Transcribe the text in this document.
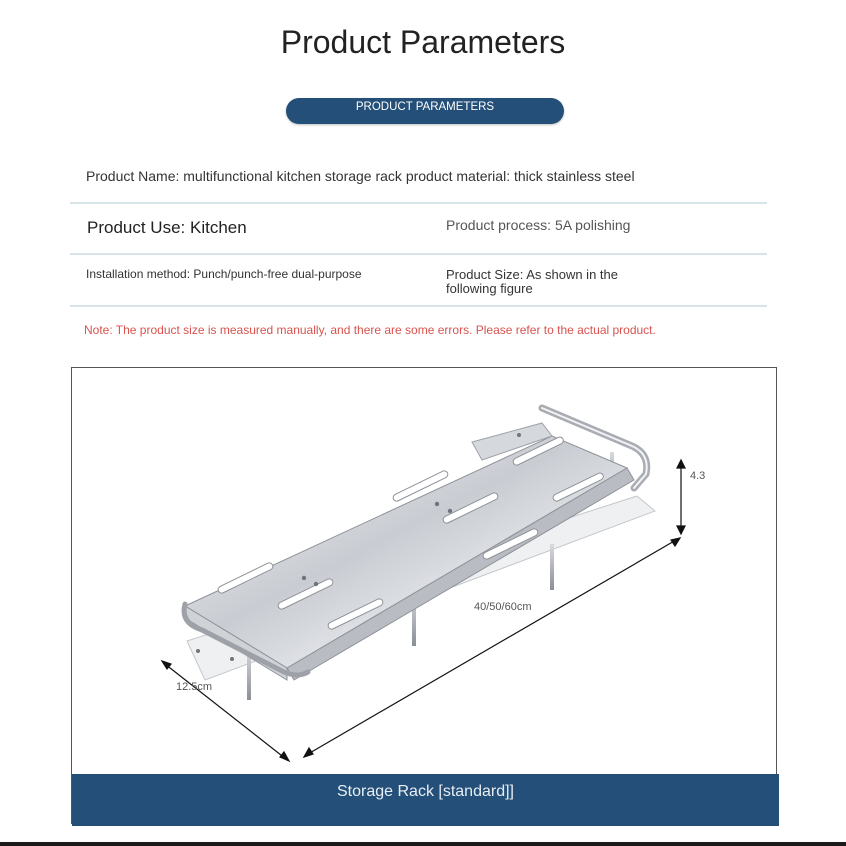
Product Parameters
PRODUCT PARAMETERS
Product Name: multifunctional kitchen storage rack product material: thick stainless steel
Product Use: Kitchen	Product process: 5A polishing
Installation method: Punch/punch-free dual-purpose	Product Size: As shown in the
following figure
Note: The product size is measured manually, and there are some errors. Please refer to the actual product.
4.3
40/50/60cm
12.5cm
Storage Rack [standard]]
